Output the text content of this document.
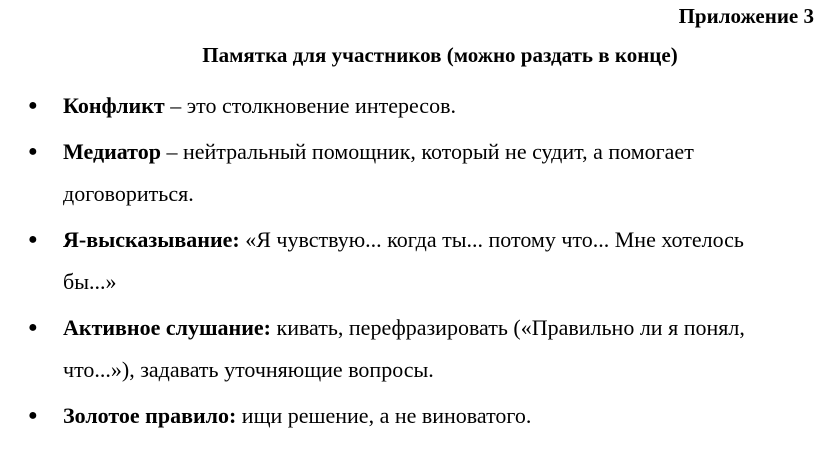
Приложение 3
Памятка для участников (можно раздать в конце)
● Конфликт – это столкновение интересов.
● Медиатор – нейтральный помощник, который не судит, а помогает
договориться.
● Я-высказывание: «Я чувствую... когда ты... потому что... Мне хотелось
бы...»
● Активное слушание: кивать, перефразировать («Правильно ли я понял,
что...»), задавать уточняющие вопросы.
● Золотое правило: ищи решение, а не виноватого.
